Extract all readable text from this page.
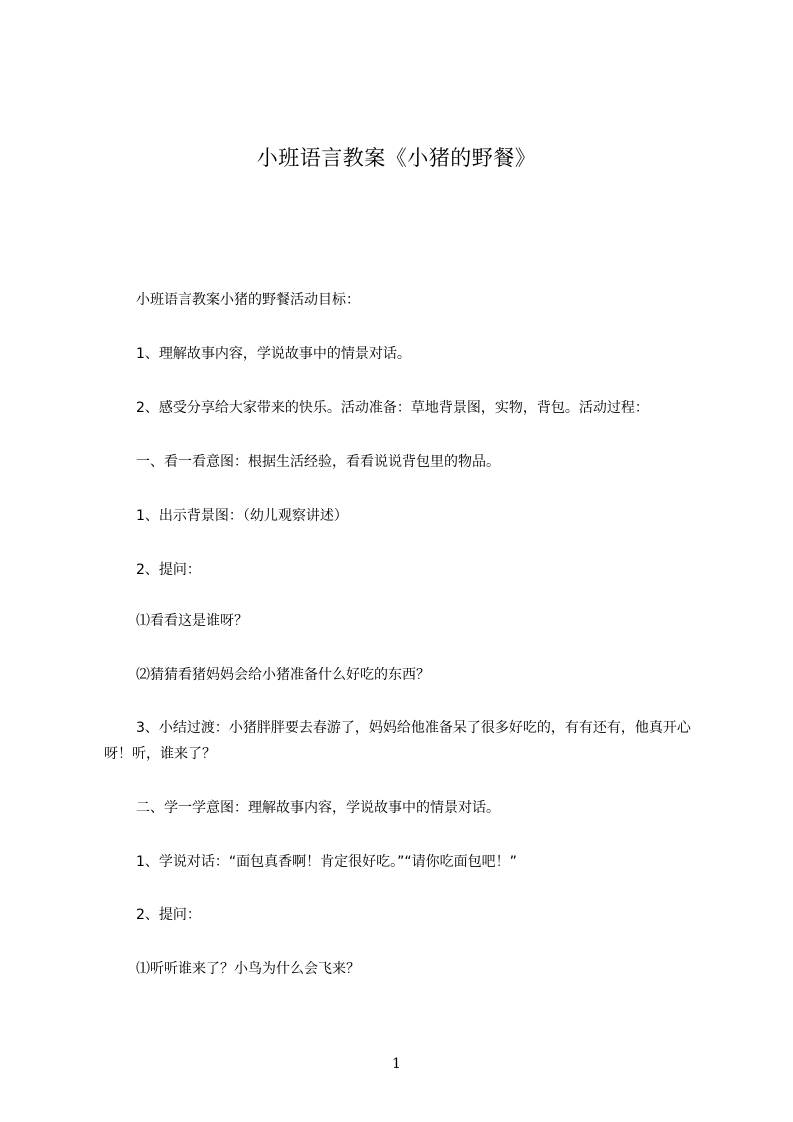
小班语言教案《小猪的野餐》
小班语言教案小猪的野餐活动目标：
1、理解故事内容，学说故事中的情景对话。
2、感受分享给大家带来的快乐。活动准备：草地背景图，实物，背包。活动过程：
一、看一看意图：根据生活经验，看看说说背包里的物品。
1、出示背景图：（幼儿观察讲述）
2、提问：
⑴看看这是谁呀？
⑵猜猜看猪妈妈会给小猪准备什么好吃的东西？
3、小结过渡：小猪胖胖要去春游了，妈妈给他准备呆了很多好吃的，有有还有，他真开心呀！听，谁来了？
二、学一学意图：理解故事内容，学说故事中的情景对话。
1、学说对话：“面包真香啊！肯定很好吃。”“请你吃面包吧！”
2、提问：
⑴听听谁来了？小鸟为什么会飞来？
1
